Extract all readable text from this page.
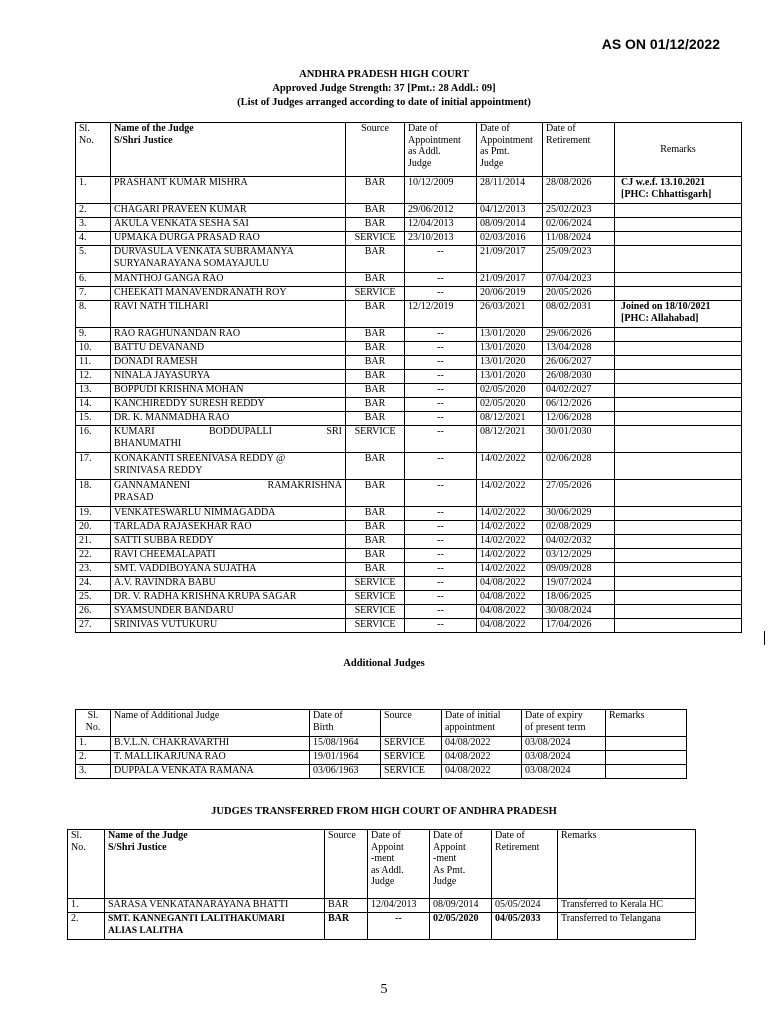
AS ON 01/12/2022
ANDHRA PRADESH HIGH COURT
Approved Judge Strength: 37 [Pmt.: 28 Addl.: 09]
(List of Judges arranged according to date of initial appointment)
Sl.
No.	Name of the Judge
S/Shri Justice	Source	Date of
Appointment
as Addl.
Judge	Date of
Appointment
as Pmt.
Judge	Date of
Retirement	Remarks
1.	PRASHANT KUMAR MISHRA	BAR	10/12/2009	28/11/2014	28/08/2026	CJ w.e.f. 13.10.2021
[PHC: Chhattisgarh]
2.	CHAGARI PRAVEEN KUMAR	BAR	29/06/2012	04/12/2013	25/02/2023	
3.	AKULA VENKATA SESHA SAI	BAR	12/04/2013	08/09/2014	02/06/2024	
4.	UPMAKA DURGA PRASAD RAO	SERVICE	23/10/2013	02/03/2016	11/08/2024	
5.	DURVASULA VENKATA SUBRAMANYA
SURYANARAYANA SOMAYAJULU	BAR	--	21/09/2017	25/09/2023	
6.	MANTHOJ GANGA RAO	BAR	--	21/09/2017	07/04/2023	
7.	CHEEKATI MANAVENDRANATH ROY	SERVICE	--	20/06/2019	20/05/2026	
8.	RAVI NATH TILHARI	BAR	12/12/2019	26/03/2021	08/02/2031	Joined on 18/10/2021
[PHC: Allahabad]
9.	RAO RAGHUNANDAN RAO	BAR	--	13/01/2020	29/06/2026	
10.	BATTU DEVANAND	BAR	--	13/01/2020	13/04/2028	
11.	DONADI RAMESH	BAR	--	13/01/2020	26/06/2027	
12.	NINALA JAYASURYA	BAR	--	13/01/2020	26/08/2030	
13.	BOPPUDI KRISHNA MOHAN	BAR	--	02/05/2020	04/02/2027	
14.	KANCHIREDDY SURESH REDDY	BAR	--	02/05/2020	06/12/2026	
15.	DR. K. MANMADHA RAO	BAR	--	08/12/2021	12/06/2028	
16.	KUMARI BODDUPALLI SRI
BHANUMATHI	SERVICE	--	08/12/2021	30/01/2030	
17.	KONAKANTI SREENIVASA REDDY @
SRINIVASA REDDY	BAR	--	14/02/2022	02/06/2028	
18.	GANNAMANENI RAMAKRISHNA
PRASAD	BAR	--	14/02/2022	27/05/2026	
19.	VENKATESWARLU NIMMAGADDA	BAR	--	14/02/2022	30/06/2029	
20.	TARLADA RAJASEKHAR RAO	BAR	--	14/02/2022	02/08/2029	
21.	SATTI SUBBA REDDY	BAR	--	14/02/2022	04/02/2032	
22.	RAVI CHEEMALAPATI	BAR	--	14/02/2022	03/12/2029	
23.	SMT. VADDIBOYANA SUJATHA	BAR	--	14/02/2022	09/09/2028	
24.	A.V. RAVINDRA BABU	SERVICE	--	04/08/2022	19/07/2024	
25.	DR. V. RADHA KRISHNA KRUPA SAGAR	SERVICE	--	04/08/2022	18/06/2025	
26.	SYAMSUNDER BANDARU	SERVICE	--	04/08/2022	30/08/2024	
27.	SRINIVAS VUTUKURU	SERVICE	--	04/08/2022	17/04/2026	
Additional Judges
Sl.
No.	Name of Additional Judge	Date of
Birth	Source	Date of initial
appointment	Date of expiry
of present term	Remarks
1.	B.V.L.N. CHAKRAVARTHI	15/08/1964	SERVICE	04/08/2022	03/08/2024	
2.	T. MALLIKARJUNA RAO	19/01/1964	SERVICE	04/08/2022	03/08/2024	
3.	DUPPALA VENKATA RAMANA	03/06/1963	SERVICE	04/08/2022	03/08/2024	
JUDGES TRANSFERRED FROM HIGH COURT OF ANDHRA PRADESH
Sl.
No.	Name of the Judge
S/Shri Justice	Source	Date of
Appoint
-ment
as Addl.
Judge	Date of
Appoint
-ment
As Pmt.
Judge	Date of
Retirement	Remarks
1.	SARASA VENKATANARAYANA BHATTI	BAR	12/04/2013	08/09/2014	05/05/2024	Transferred to Kerala HC
2.	SMT. KANNEGANTI LALITHAKUMARI
ALIAS LALITHA	BAR	--	02/05/2020	04/05/2033	Transferred to Telangana
5
